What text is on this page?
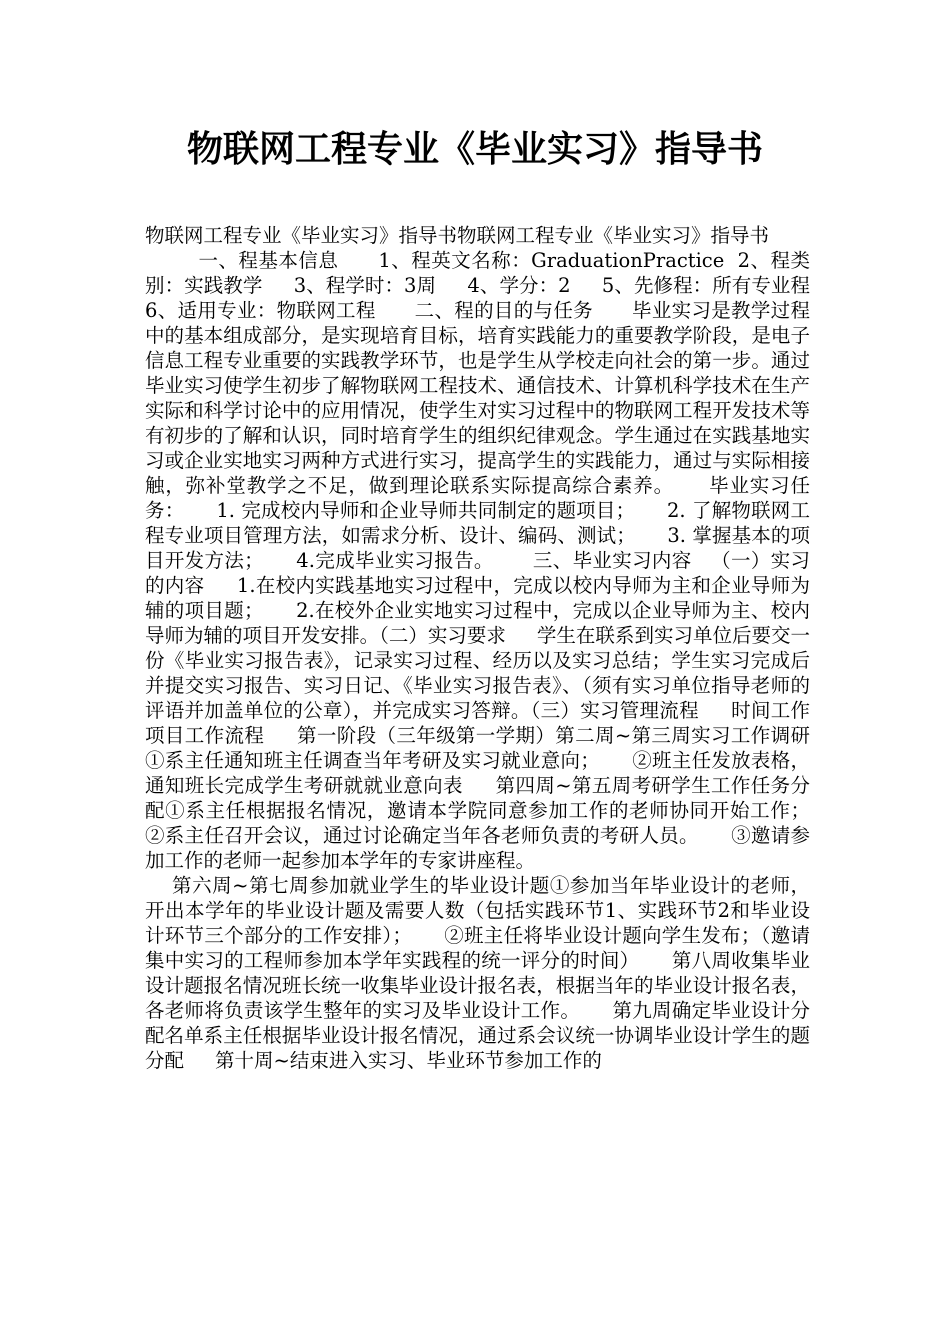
物联网工程专业《毕业实习》指导书

物联网工程专业《毕业实习》指导书物联网工程专业《毕业实习》指导书

一、程基本信息      1、程英文名称：GraduationPractice  2、程类别：实践教学     3、程学时：3周     4、学分：2     5、先修程：所有专业程     6、适用专业：物联网工程      二、程的目的与任务      毕业实习是教学过程中的基本组成部分，是实现培育目标，培育实践能力的重要教学阶段，是电子信息工程专业重要的实践教学环节，也是学生从学校走向社会的第一步。通过毕业实习使学生初步了解物联网工程技术、通信技术、计算机科学技术在生产实际和科学讨论中的应用情况，使学生对实习过程中的物联网工程开发技术等有初步的了解和认识，同时培育学生的组织纪律观念。学生通过在实践基地实习或企业实地实习两种方式进行实习，提高学生的实践能力，通过与实际相接触，弥补堂教学之不足，做到理论联系实际提高综合素养。     毕业实习任务：     1. 完成校内导师和企业导师共同制定的题项目；     2. 了解物联网工程专业项目管理方法，如需求分析、设计、编码、测试；     3. 掌握基本的项目开发方法；     4.完成毕业实习报告。      三、毕业实习内容   （一）实习的内容     1.在校内实践基地实习过程中，完成以校内导师为主和企业导师为辅的项目题；     2.在校外企业实地实习过程中，完成以企业导师为主、校内导师为辅的项目开发安排。（二）实习要求     学生在联系到实习单位后要交一份《毕业实习报告表》，记录实习过程、经历以及实习总结；学生实习完成后并提交实习报告、实习日记、《毕业实习报告表》、（须有实习单位指导老师的评语并加盖单位的公章），并完成实习答辩。（三）实习管理流程     时间工作项目工作流程     第一阶段（三年级第一学期）第二周~第三周实习工作调研①系主任通知班主任调查当年考研及实习就业意向；     ②班主任发放表格，通知班长完成学生考研就就业意向表     第四周~第五周考研学生工作任务分配①系主任根据报名情况，邀请本学院同意参加工作的老师协同开始工作；     ②系主任召开会议，通过讨论确定当年各老师负责的考研人员。     ③邀请参加工作的老师一起参加本学年的专家讲座程。

第六周~第七周参加就业学生的毕业设计题①参加当年毕业设计的老师，开出本学年的毕业设计题及需要人数（包括实践环节1、实践环节2和毕业设计环节三个部分的工作安排）；     ②班主任将毕业设计题向学生发布；（邀请集中实习的工程师参加本学年实践程的统一评分的时间）     第八周收集毕业设计题报名情况班长统一收集毕业设计报名表，根据当年的毕业设计报名表，各老师将负责该学生整年的实习及毕业设计工作。     第九周确定毕业设计分配名单系主任根据毕业设计报名情况，通过系会议统一协调毕业设计学生的题分配     第十周~结束进入实习、毕业环节参加工作的
